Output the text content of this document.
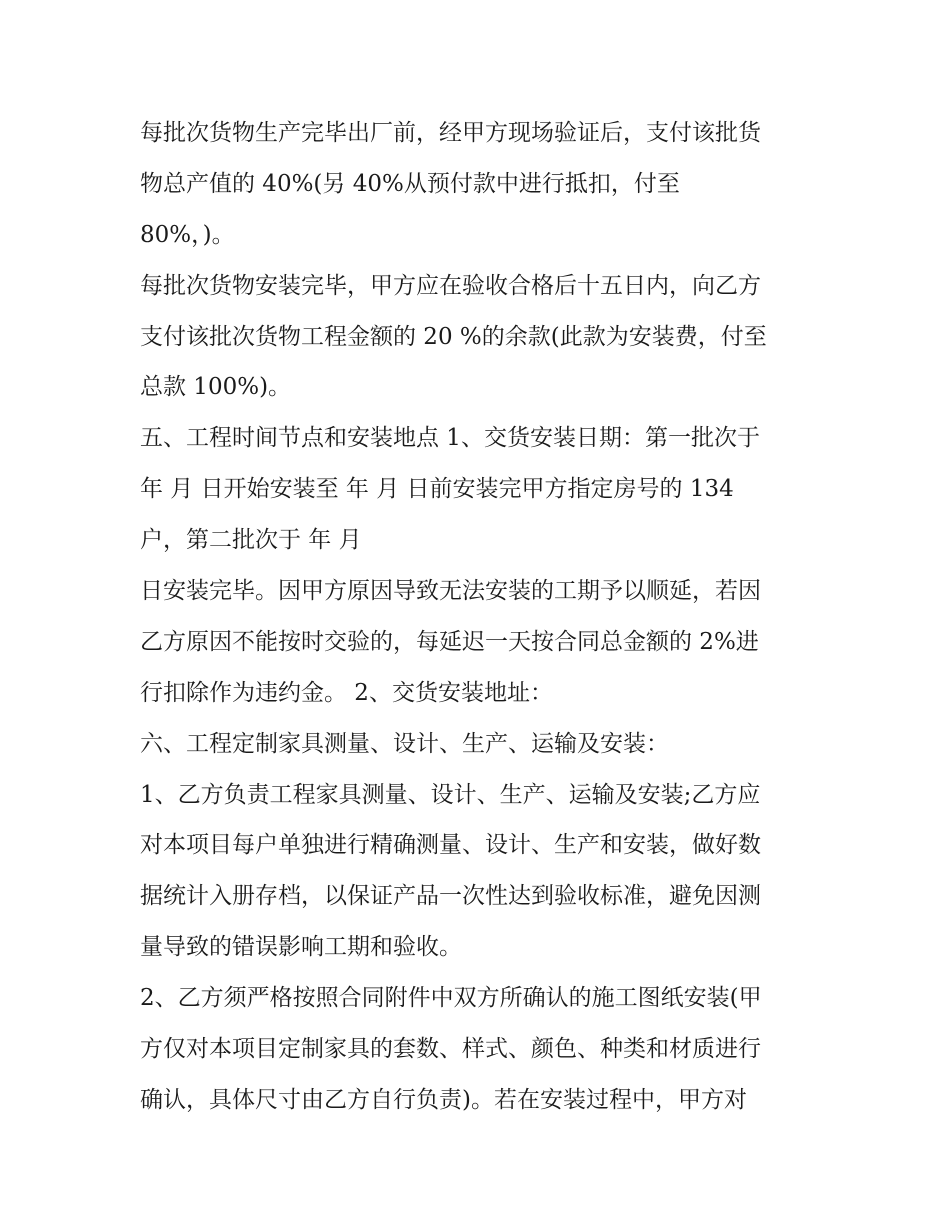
每批次货物生产完毕出厂前，经甲方现场验证后，支付该批货
物总产值的 40%(另 40%从预付款中进行抵扣，付至
80%，)。
每批次货物安装完毕，甲方应在验收合格后十五日内，向乙方
支付该批次货物工程金额的 20 %的余款(此款为安装费，付至
总款 100%)。
五、工程时间节点和安装地点 1、交货安装日期：第一批次于
年 月 日开始安装至 年 月 日前安装完甲方指定房号的 134
户，第二批次于 年 月
日安装完毕。因甲方原因导致无法安装的工期予以顺延，若因
乙方原因不能按时交验的，每延迟一天按合同总金额的 2%进
行扣除作为违约金。 2、交货安装地址：
六、工程定制家具测量、设计、生产、运输及安装：
1、乙方负责工程家具测量、设计、生产、运输及安装;乙方应
对本项目每户单独进行精确测量、设计、生产和安装，做好数
据统计入册存档，以保证产品一次性达到验收标准，避免因测
量导致的错误影响工期和验收。
2、乙方须严格按照合同附件中双方所确认的施工图纸安装(甲
方仅对本项目定制家具的套数、样式、颜色、种类和材质进行
确认，具体尺寸由乙方自行负责)。若在安装过程中，甲方对
